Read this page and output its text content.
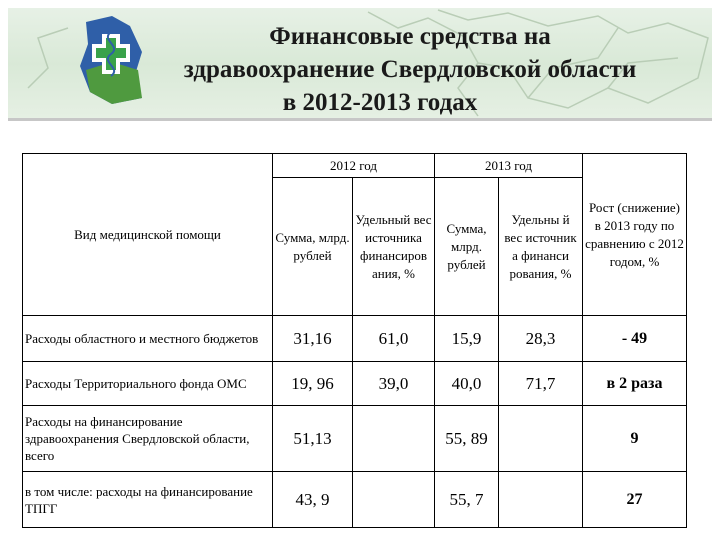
Финансовые средства на
здравоохранение Свердловской области
в 2012-2013 годах
Вид медицинской помощи	2012 год		2013 год		Рост (снижение) в 2013 году по сравнению с 2012 годом, %
	Сумма, млрд. рублей	Удельный вес источника финансиров ания, %	Сумма, млрд. рублей	Удельны й вес источник а финанси рования, %	
Расходы областного и местного бюджетов	31,16	61,0	15,9	28,3	- 49
Расходы Территориального фонда ОМС	19, 96	39,0	40,0	71,7	в 2 раза
Расходы на финансирование здравоохранения Свердловской области, всего	51,13		55, 89		9
в том числе: расходы на финансирование ТПГГ	43, 9		55, 7		27
